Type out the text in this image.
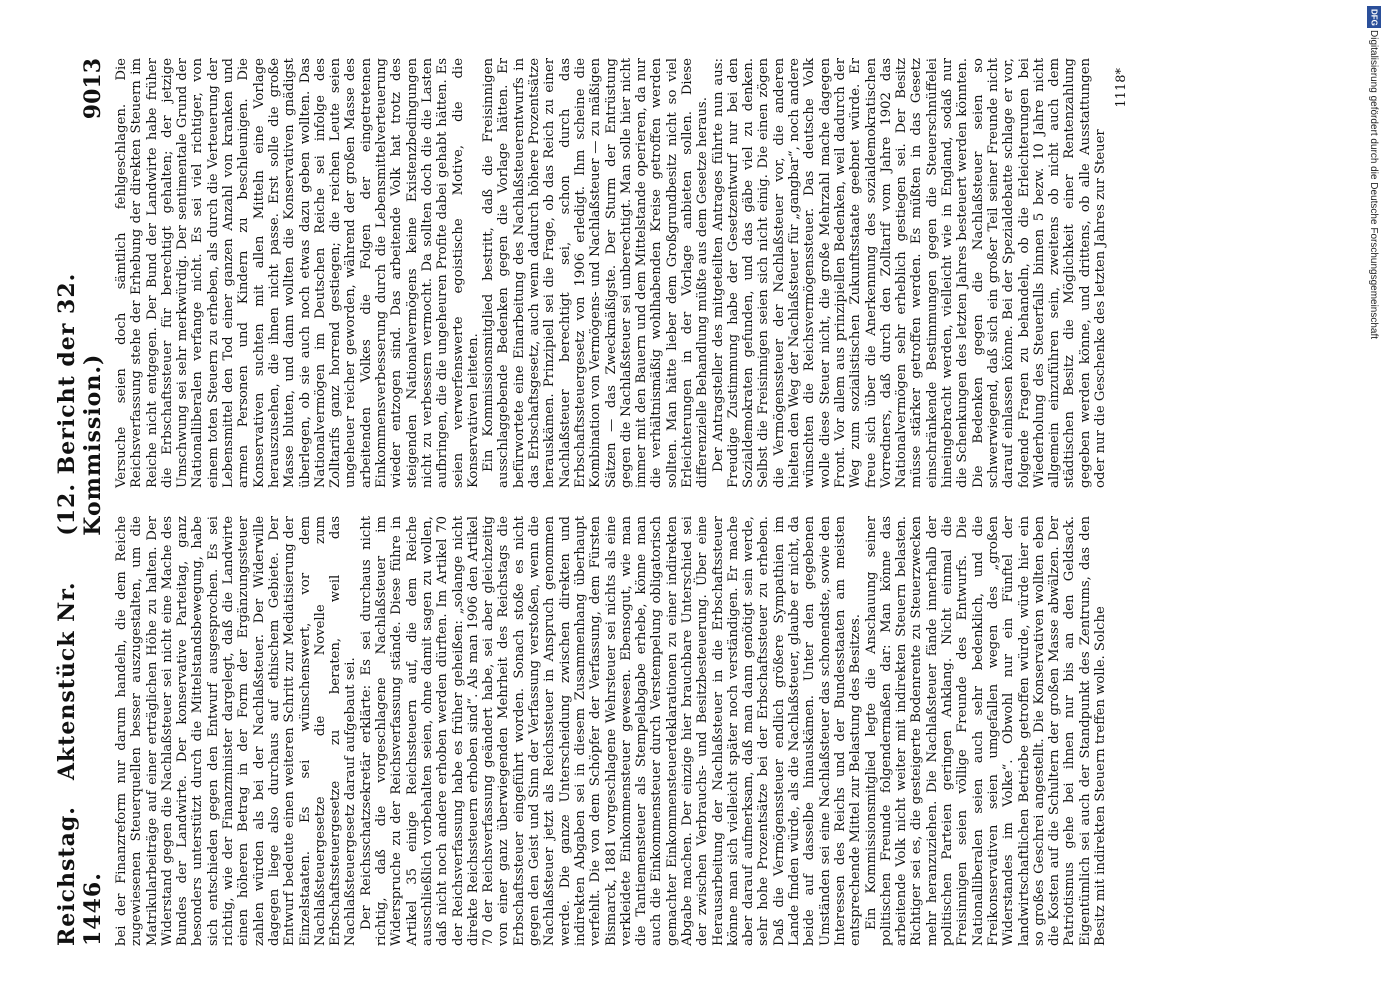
DFG
Digitalisierung gefördert durch die Deutsche Forschungsgemeinschaft
Reichstag.   Aktenstück Nr. 1446.
(12. Bericht der 32. Kommission.)
9013

bei der Finanzreform nur darum handeln, die dem Reiche zugewiesenen Steuerquellen besser auszugestalten, um die Matrikularbeiträge auf einer erträglichen Höhe zu halten. Der Widerstand gegen die Nachlaßsteuer sei nicht eine Mache des Bundes der Landwirte. Der konservative Parteitag, ganz besonders unterstützt durch die Mittelstandsbewegung, habe sich entschieden gegen den Entwurf ausgesprochen. Es sei richtig, wie der Finanzminister dargelegt, daß die Landwirte einen höheren Betrag in der Form der Ergänzungssteuer zahlen würden als bei der Nachlaßsteuer. Der Widerwille dagegen liege also durchaus auf ethischem Gebiete. Der Entwurf bedeute einen weiteren Schritt zur Mediatisierung der Einzelstaaten. Es sei wünschenswert, vor dem Nachlaßsteuergesetze die Novelle zum Erbschaftssteuergesetze zu beraten, weil das Nachlaßsteuergesetz darauf aufgebaut sei. Der Reichsschatzsekretär erklärte: Es sei durchaus nicht richtig, daß die vorgeschlagene Nachlaßsteuer im Widerspruche zu der Reichsverfassung stände. Diese führe in Artikel 35 einige Reichssteuern auf, die dem Reiche ausschließlich vorbehalten seien, ohne damit sagen zu wollen, daß nicht noch andere erhoben werden dürften. Im Artikel 70 der Reichsverfassung habe es früher geheißen: „solange nicht direkte Reichssteuern erhoben sind“. Als man 1906 den Artikel 70 der Reichsverfassung geändert habe, sei aber gleichzeitig von einer ganz überwiegenden Mehrheit des Reichstags die Erbschaftssteuer eingeführt worden. Sonach stoße es nicht gegen den Geist und Sinn der Verfassung verstoßen, wenn die Nachlaßsteuer jetzt als Reichssteuer in Anspruch genommen werde. Die ganze Unterscheidung zwischen direkten und indirekten Abgaben sei in diesem Zusammenhang überhaupt verfehlt. Die von dem Schöpfer der Verfassung, dem Fürsten Bismarck, 1881 vorgeschlagene Wehrsteuer sei nichts als eine verkleidete Einkommensteuer gewesen. Ebensogut, wie man die Tantiemensteuer als Stempelabgabe erhebe, könne man auch die Einkommensteuer durch Verstempelung obligatorisch gemachter Einkommensteuerdeklarationen zu einer indirekten Abgabe machen. Der einzige hier brauchbare Unterschied sei der zwischen Verbrauchs- und Besitzbesteuerung. Über eine Herausarbeitung der Nachlaßsteuer in die Erbschaftssteuer könne man sich vielleicht später noch verständigen. Er mache aber darauf aufmerksam, daß man dann genötigt sein werde, sehr hohe Prozentsätze bei der Erbschaftssteuer zu erheben. Daß die Vermögenssteuer endlich größere Sympathien im Lande finden würde, als die Nachlaßsteuer, glaube er nicht, da beide auf dasselbe hinauskämen. Unter den gegebenen Umständen sei eine Nachlaßsteuer das schonendste, sowie den Interessen des Reichs und der Bundesstaaten am meisten entsprechende Mittel zur Belastung des Besitzes. Ein Kommissionsmitglied legte die Anschauung seiner politischen Freunde folgendermaßen dar: Man könne das arbeitende Volk nicht weiter mit indirekten Steuern belasten. Richtiger sei es, die gesteigerte Bodenrente zu Steuerzwecken mehr heranzuziehen. Die Nachlaßsteuer fände innerhalb der politischen Parteien geringen Anklang. Nicht einmal die Freisinnigen seien völlige Freunde des Entwurfs. Die Nationalliberalen seien auch sehr bedenklich, und die Freikonservativen seien umgefallen wegen des „großen Widerstandes im Volke“. Obwohl nur ein Fünftel der landwirtschaftlichen Betriebe getroffen würde, würde hier ein so großes Geschrei angestellt. Die Konservativen wollten eben die Kosten auf die Schultern der großen Masse abwälzen. Der Patriotismus gehe bei ihnen nur bis an den Geldsack. Eigentümlich sei auch der Standpunkt des Zentrums, das den Besitz mit indirekten Steuern treffen wolle. Solche

Versuche seien doch sämtlich fehlgeschlagen. Die Reichsverfassung stehe der Erhebung der direkten Steuern im Reiche nicht entgegen. Der Bund der Landwirte habe früher die Erbschaftssteuer für berechtigt gehalten; der jetzige Umschwung sei sehr merkwürdig. Der sentimentale Grund der Nationalliberalen verfange nicht. Es sei viel richtiger, von einem toten Steuern zu erheben, als durch die Verteuerung der Lebensmittel den Tod einer ganzen Anzahl von kranken und armen Personen und Kindern zu beschleunigen. Die Konservativen suchten mit allen Mitteln eine Vorlage herauszusehen, die ihnen nicht passe. Erst solle die große Masse bluten, und dann wollten die Konservativen gnädigst überlegen, ob sie auch noch etwas dazu geben wollten. Das Nationalvermögen im Deutschen Reiche sei infolge des Zolltarifs ganz horrend gestiegen; die reichen Leute seien ungeheuer reicher geworden, während der großen Masse des arbeitenden Volkes die Folgen der eingetretenen Einkommensverbesserung durch die Lebensmittelverteuerung wieder entzogen sind. Das arbeitende Volk hat trotz des steigenden Nationalvermögens keine Existenzbedingungen nicht zu verbessern vermocht. Da sollten doch die die Lasten aufbringen, die die ungeheuren Profite dabei gehabt hätten. Es seien verwerfenswerte egoistische Motive, die die Konservativen leiteten. Ein Kommissionsmitglied bestritt, daß die Freisinnigen ausschlaggebende Bedenken gegen die Vorlage hätten. Er befürwortete eine Einarbeitung des Nachlaßsteuerentwurfs in das Erbschaftsgesetz, auch wenn dadurch höhere Prozentsätze herauskämen. Prinzipiell sei die Frage, ob das Reich zu einer Nachlaßsteuer berechtigt sei, schon durch das Erbschaftssteuergesetz von 1906 erledigt. Ihm scheine die Kombination von Vermögens- und Nachlaßsteuer — zu mäßigen Sätzen — das Zweckmäßigste. Der Sturm der Entrüstung gegen die Nachlaßsteuer sei unberechtigt. Man solle hier nicht immer mit den Bauern und dem Mittelstande operieren, da nur die verhältnismäßig wohlhabenden Kreise getroffen werden sollten. Man hätte lieber dem Großgrundbesitz nicht so viel Erleichterungen in der Vorlage anbieten sollen. Diese differenzielle Behandlung müßte aus dem Gesetze heraus. Der Antragsteller des mitgeteilten Antrages führte nun aus: Freudige Zustimmung habe der Gesetzentwurf nur bei den Sozialdemokraten gefunden, und das gäbe viel zu denken. Selbst die Freisinnigen seien sich nicht einig. Die einen zögen die Vermögenssteuer der Nachlaßsteuer vor, die anderen hielten den Weg der Nachlaßsteuer für „gangbar“, noch andere wünschten die Reichsvermögenssteuer. Das deutsche Volk wolle diese Steuer nicht, die große Mehrzahl mache dagegen Front. Vor allem aus prinzipiellen Bedenken, weil dadurch der Weg zum sozialistischen Zukunftsstaate geebnet würde. Er freue sich über die Anerkennung des sozialdemokratischen Vorredners, daß durch den Zolltarif vom Jahre 1902 das Nationalvermögen sehr erheblich gestiegen sei. Der Besitz müsse stärker getroffen werden. Es müßten in das Gesetz einschränkende Bestimmungen gegen die Steuerschnüffelei hineingebracht werden, vielleicht wie in England, sodaß nur die Schenkungen des letzten Jahres besteuert werden könnten. Die Bedenken gegen die Nachlaßsteuer seien so schwerwiegend, daß sich ein großer Teil seiner Freunde nicht darauf einlassen könne. Bei der Spezialdebatte schlage er vor, folgende Fragen zu behandeln, ob die Erleichterungen bei Wiederholung des Steuerfalls binnen 5 bezw. 10 Jahre nicht allgemein einzuführen sein, zweitens ob nicht auch dem städtischen Besitz die Möglichkeit einer Rentenzahlung gegeben werden könne, und drittens, ob alle Ausstattungen oder nur die Geschenke des letzten Jahres zur Steuer

1118*
